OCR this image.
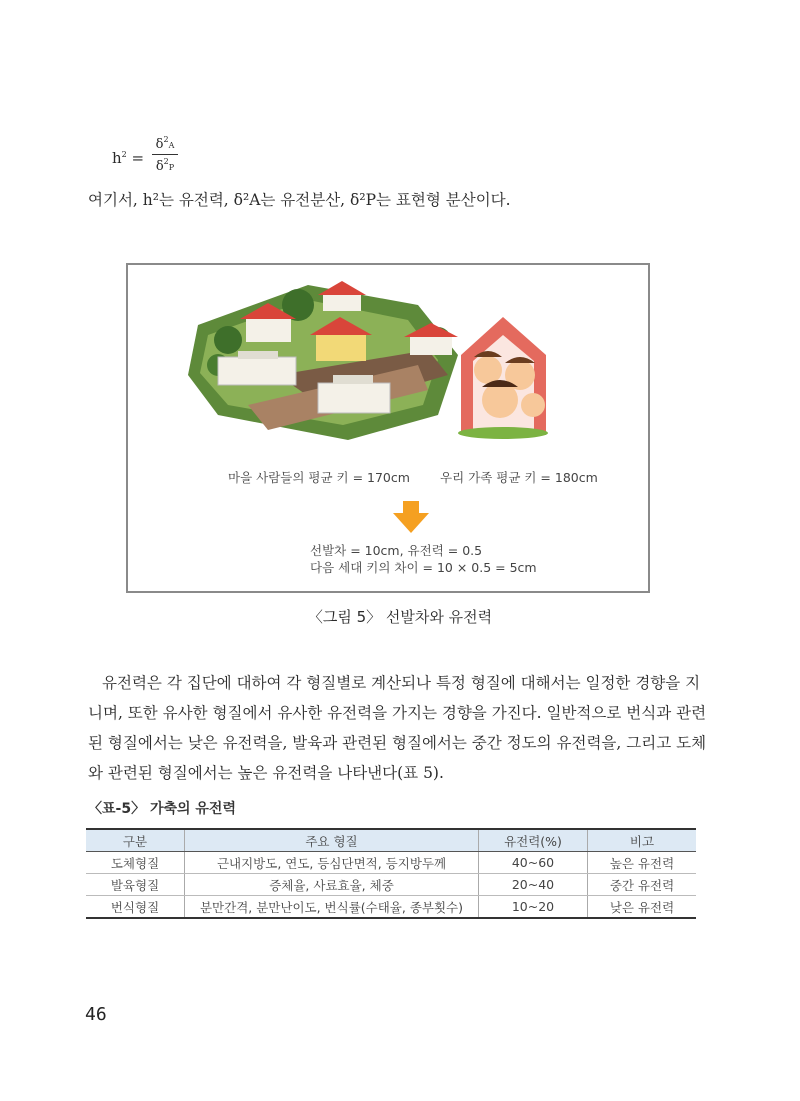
$h^2$ =
$\delta^2A$
$\delta^2P$
여기서, h²는 유전력, δ²A는 유전분산, δ²P는 표현형 분산이다.
마을 사람들의 평균 키 = 170cm 우리 가족 평균 키 = 180cm
선발차 = 10cm, 유전력 = 0.5
다음 세대 키의 차이 = 10 × 0.5 = 5cm
〈그림 5〉 선발차와 유전력
유전력은 각 집단에 대하여 각 형질별로 계산되나 특정 형질에 대해서는 일정한 경향을 지
니며, 또한 유사한 형질에서 유사한 유전력을 가지는 경향을 가진다. 일반적으로 번식과 관련
된 형질에서는 낮은 유전력을, 발육과 관련된 형질에서는 중간 정도의 유전력을, 그리고 도체
와 관련된 형질에서는 높은 유전력을 나타낸다(표 5).
〈표-5〉 가축의 유전력
구분	주요 형질	유전력(%)	비고
도체형질	근내지방도, 연도, 등심단면적, 등지방두께	40~60	높은 유전력
발육형질	증체율, 사료효율, 체중	20~40	중간 유전력
번식형질	분만간격, 분만난이도, 번식률(수태율, 종부횟수)	10~20	낮은 유전력
46
